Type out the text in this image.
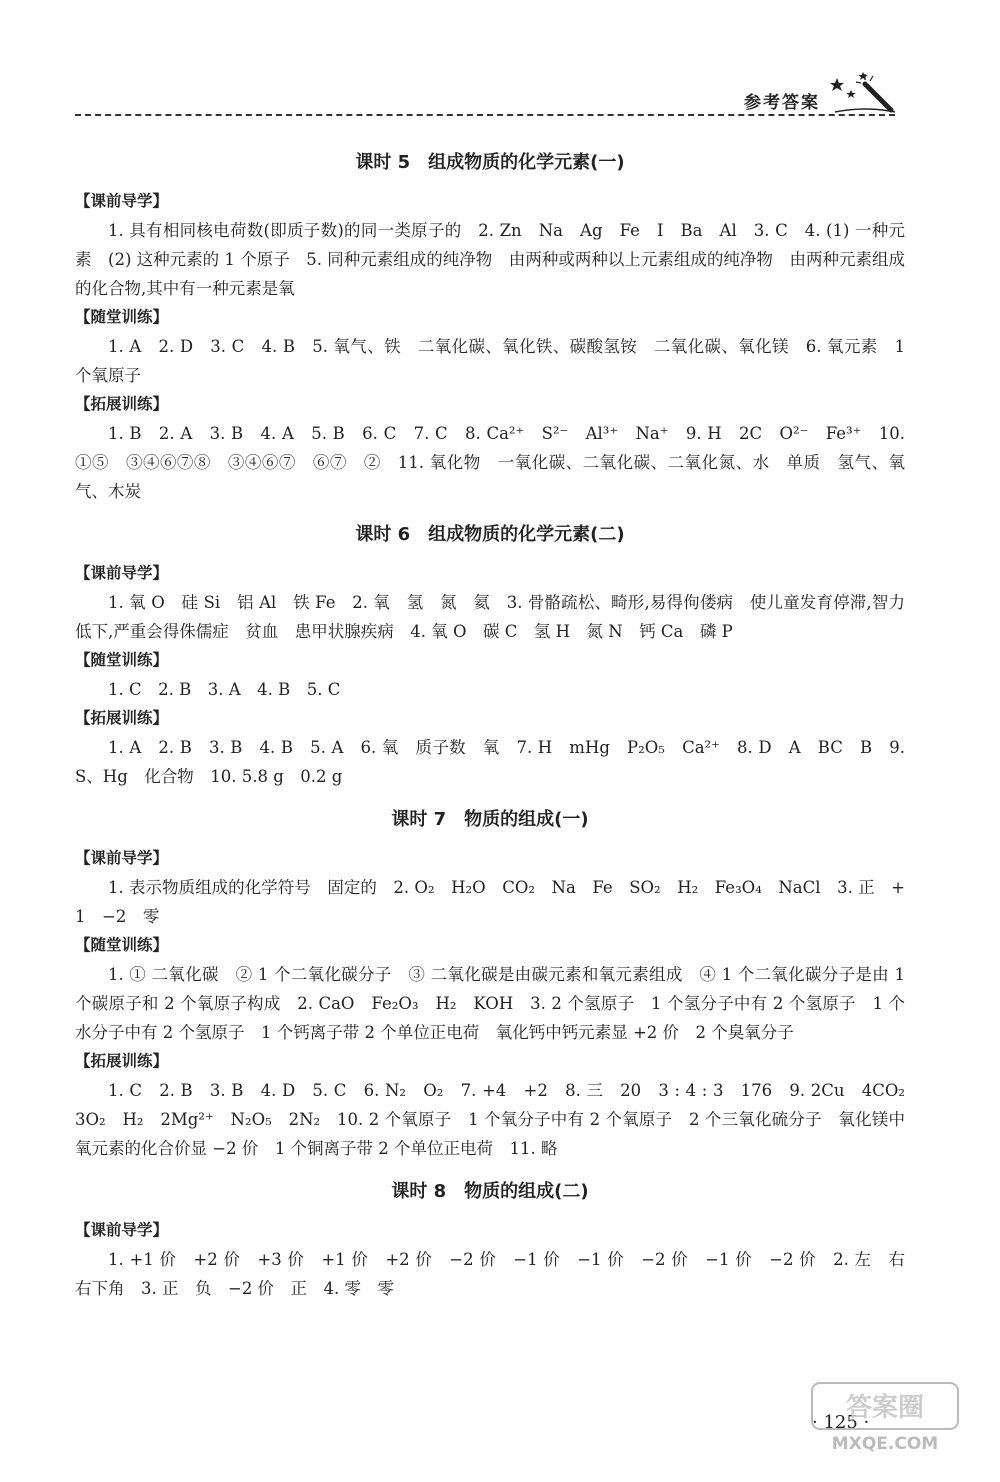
参考答案
课时 5　组成物质的化学元素(一)

【课前导学】

1. 具有相同核电荷数(即质子数)的同一类原子的　2. Zn　Na　Ag　Fe　I　Ba　Al　3. C　4. (1) 一种元素　(2) 这种元素的 1 个原子　5. 同种元素组成的纯净物　由两种或两种以上元素组成的纯净物　由两种元素组成的化合物,其中有一种元素是氧

【随堂训练】

1. A　2. D　3. C　4. B　5. 氧气、铁　二氧化碳、氧化铁、碳酸氢铵　二氧化碳、氧化镁　6. 氧元素　1 个氧原子

【拓展训练】

1. B　2. A　3. B　4. A　5. B　6. C　7. C　8. Ca²⁺　S²⁻　Al³⁺　Na⁺　9. H　2C　O²⁻　Fe³⁺　10. ①⑤　③④⑥⑦⑧　③④⑥⑦　⑥⑦　②　11. 氧化物　一氧化碳、二氧化碳、二氧化氮、水　单质　氢气、氧气、木炭

课时 6　组成物质的化学元素(二)

【课前导学】

1. 氧 O　硅 Si　铝 Al　铁 Fe　2. 氧　氢　氮　氦　3. 骨骼疏松、畸形,易得佝偻病　使儿童发育停滞,智力低下,严重会得侏儒症　贫血　患甲状腺疾病　4. 氧 O　碳 C　氢 H　氮 N　钙 Ca　磷 P

【随堂训练】

1. C　2. B　3. A　4. B　5. C

【拓展训练】

1. A　2. B　3. B　4. B　5. A　6. 氧　质子数　氧　7. H　mHg　P₂O₅　Ca²⁺　8. D　A　BC　B　9. S、Hg　化合物　10. 5.8 g　0.2 g

课时 7　物质的组成(一)

【课前导学】

1. 表示物质组成的化学符号　固定的　2. O₂　H₂O　CO₂　Na　Fe　SO₂　H₂　Fe₃O₄　NaCl　3. 正　+1　−2　零

【随堂训练】

1. ① 二氧化碳　② 1 个二氧化碳分子　③ 二氧化碳是由碳元素和氧元素组成　④ 1 个二氧化碳分子是由 1 个碳原子和 2 个氧原子构成　2. CaO　Fe₂O₃　H₂　KOH　3. 2 个氢原子　1 个氢分子中有 2 个氢原子　1 个水分子中有 2 个氢原子　1 个钙离子带 2 个单位正电荷　氧化钙中钙元素显 +2 价　2 个臭氧分子

【拓展训练】

1. C　2. B　3. B　4. D　5. C　6. N₂　O₂　7. +4　+2　8. 三　20　3 : 4 : 3　176　9. 2Cu　4CO₂　3O₂　H₂　2Mg²⁺　N₂O₅　2N₂　10. 2 个氧原子　1 个氧分子中有 2 个氧原子　2 个三氧化硫分子　氧化镁中氧元素的化合价显 −2 价　1 个铜离子带 2 个单位正电荷　11. 略

课时 8　物质的组成(二)

【课前导学】

1. +1 价　+2 价　+3 价　+1 价　+2 价　−2 价　−1 价　−1 价　−2 价　−1 价　−2 价　2. 左　右　右下角　3. 正　负　−2 价　正　4. 零　零

· 125 ·
答案圈
MXQE.COM
